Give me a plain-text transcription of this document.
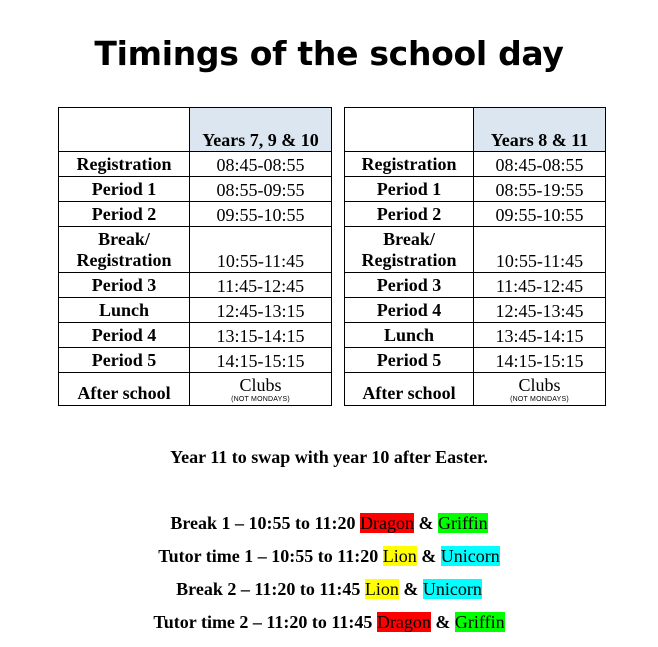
Timings of the school day
	Years 7, 9 & 10
Registration	08:45-08:55
Period 1	08:55-09:55
Period 2	09:55-10:55
Break/ Registration	10:55-11:45
Period 3	11:45-12:45
Lunch	12:45-13:15
Period 4	13:15-14:15
Period 5	14:15-15:15
After school	Clubs
(NOT MONDAYS)
	Years 8 & 11
Registration	08:45-08:55
Period 1	08:55-19:55
Period 2	09:55-10:55
Break/ Registration	10:55-11:45
Period 3	11:45-12:45
Period 4	12:45-13:45
Lunch	13:45-14:15
Period 5	14:15-15:15
After school	Clubs
(NOT MONDAYS)
Year 11 to swap with year 10 after Easter.
Break 1 – 10:55 to 11:20 Dragon & Griffin
Tutor time 1 – 10:55 to 11:20 Lion & Unicorn
Break 2 – 11:20 to 11:45 Lion & Unicorn
Tutor time 2 – 11:20 to 11:45 Dragon & Griffin
